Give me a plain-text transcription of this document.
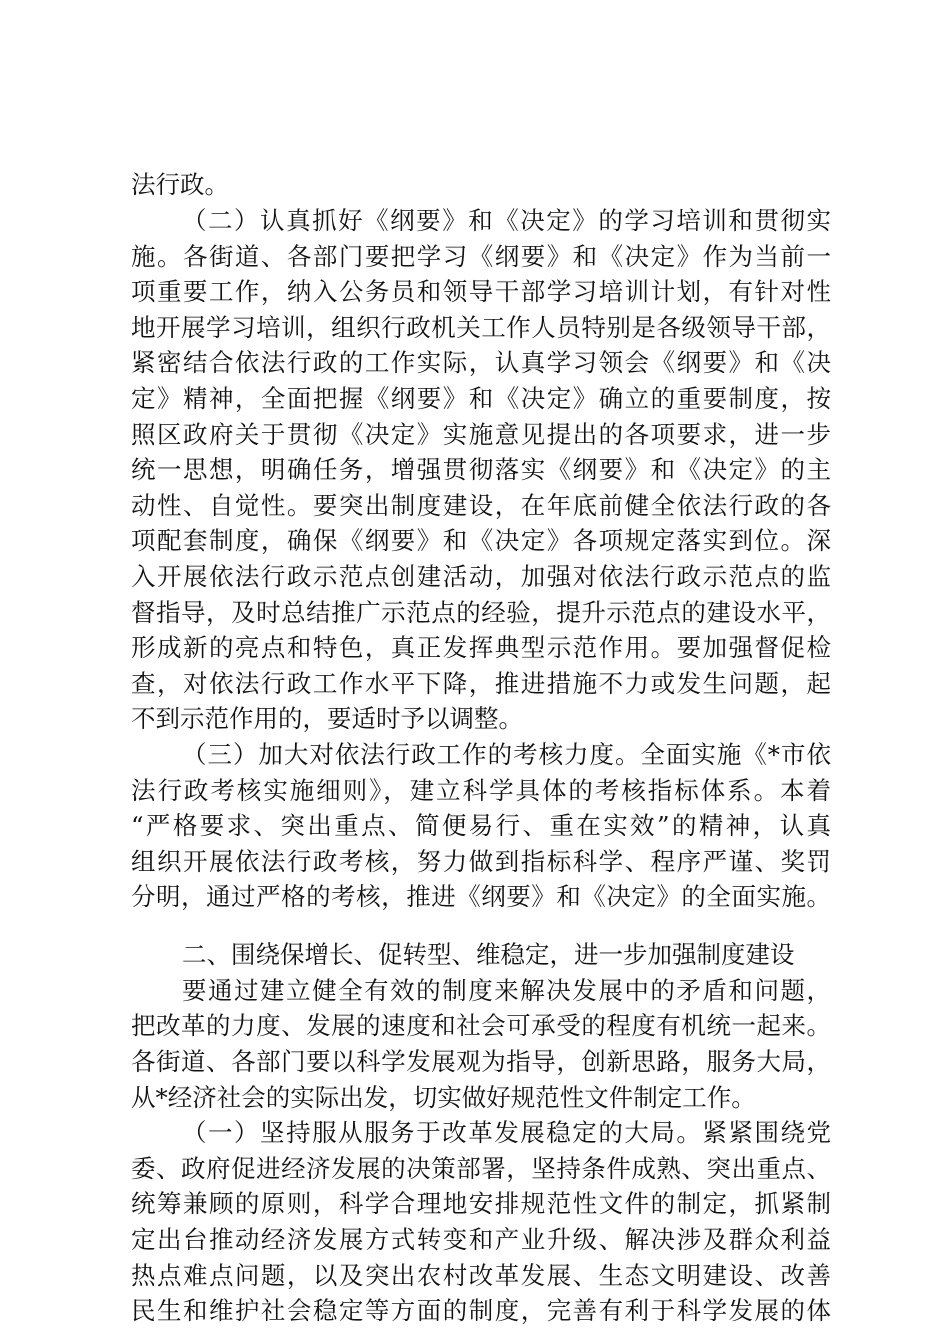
法行政。
（二）认真抓好《纲要》和《决定》的学习培训和贯彻实
施。各街道、各部门要把学习《纲要》和《决定》作为当前一
项重要工作，纳入公务员和领导干部学习培训计划，有针对性
地开展学习培训，组织行政机关工作人员特别是各级领导干部，
紧密结合依法行政的工作实际，认真学习领会《纲要》和《决
定》精神，全面把握《纲要》和《决定》确立的重要制度，按
照区政府关于贯彻《决定》实施意见提出的各项要求，进一步
统一思想，明确任务，增强贯彻落实《纲要》和《决定》的主
动性、自觉性。要突出制度建设，在年底前健全依法行政的各
项配套制度，确保《纲要》和《决定》各项规定落实到位。深
入开展依法行政示范点创建活动，加强对依法行政示范点的监
督指导，及时总结推广示范点的经验，提升示范点的建设水平，
形成新的亮点和特色，真正发挥典型示范作用。要加强督促检
查，对依法行政工作水平下降，推进措施不力或发生问题，起
不到示范作用的，要适时予以调整。
（三）加大对依法行政工作的考核力度。全面实施《*市依
法行政考核实施细则》，建立科学具体的考核指标体系。本着
“严格要求、突出重点、简便易行、重在实效”的精神，认真
组织开展依法行政考核，努力做到指标科学、程序严谨、奖罚
分明，通过严格的考核，推进《纲要》和《决定》的全面实施。
二、围绕保增长、促转型、维稳定，进一步加强制度建设
要通过建立健全有效的制度来解决发展中的矛盾和问题，
把改革的力度、发展的速度和社会可承受的程度有机统一起来。
各街道、各部门要以科学发展观为指导，创新思路，服务大局，
从*经济社会的实际出发，切实做好规范性文件制定工作。
（一）坚持服从服务于改革发展稳定的大局。紧紧围绕党
委、政府促进经济发展的决策部署，坚持条件成熟、突出重点、
统筹兼顾的原则，科学合理地安排规范性文件的制定，抓紧制
定出台推动经济发展方式转变和产业升级、解决涉及群众利益
热点难点问题，以及突出农村改革发展、生态文明建设、改善
民生和维护社会稳定等方面的制度，完善有利于科学发展的体
